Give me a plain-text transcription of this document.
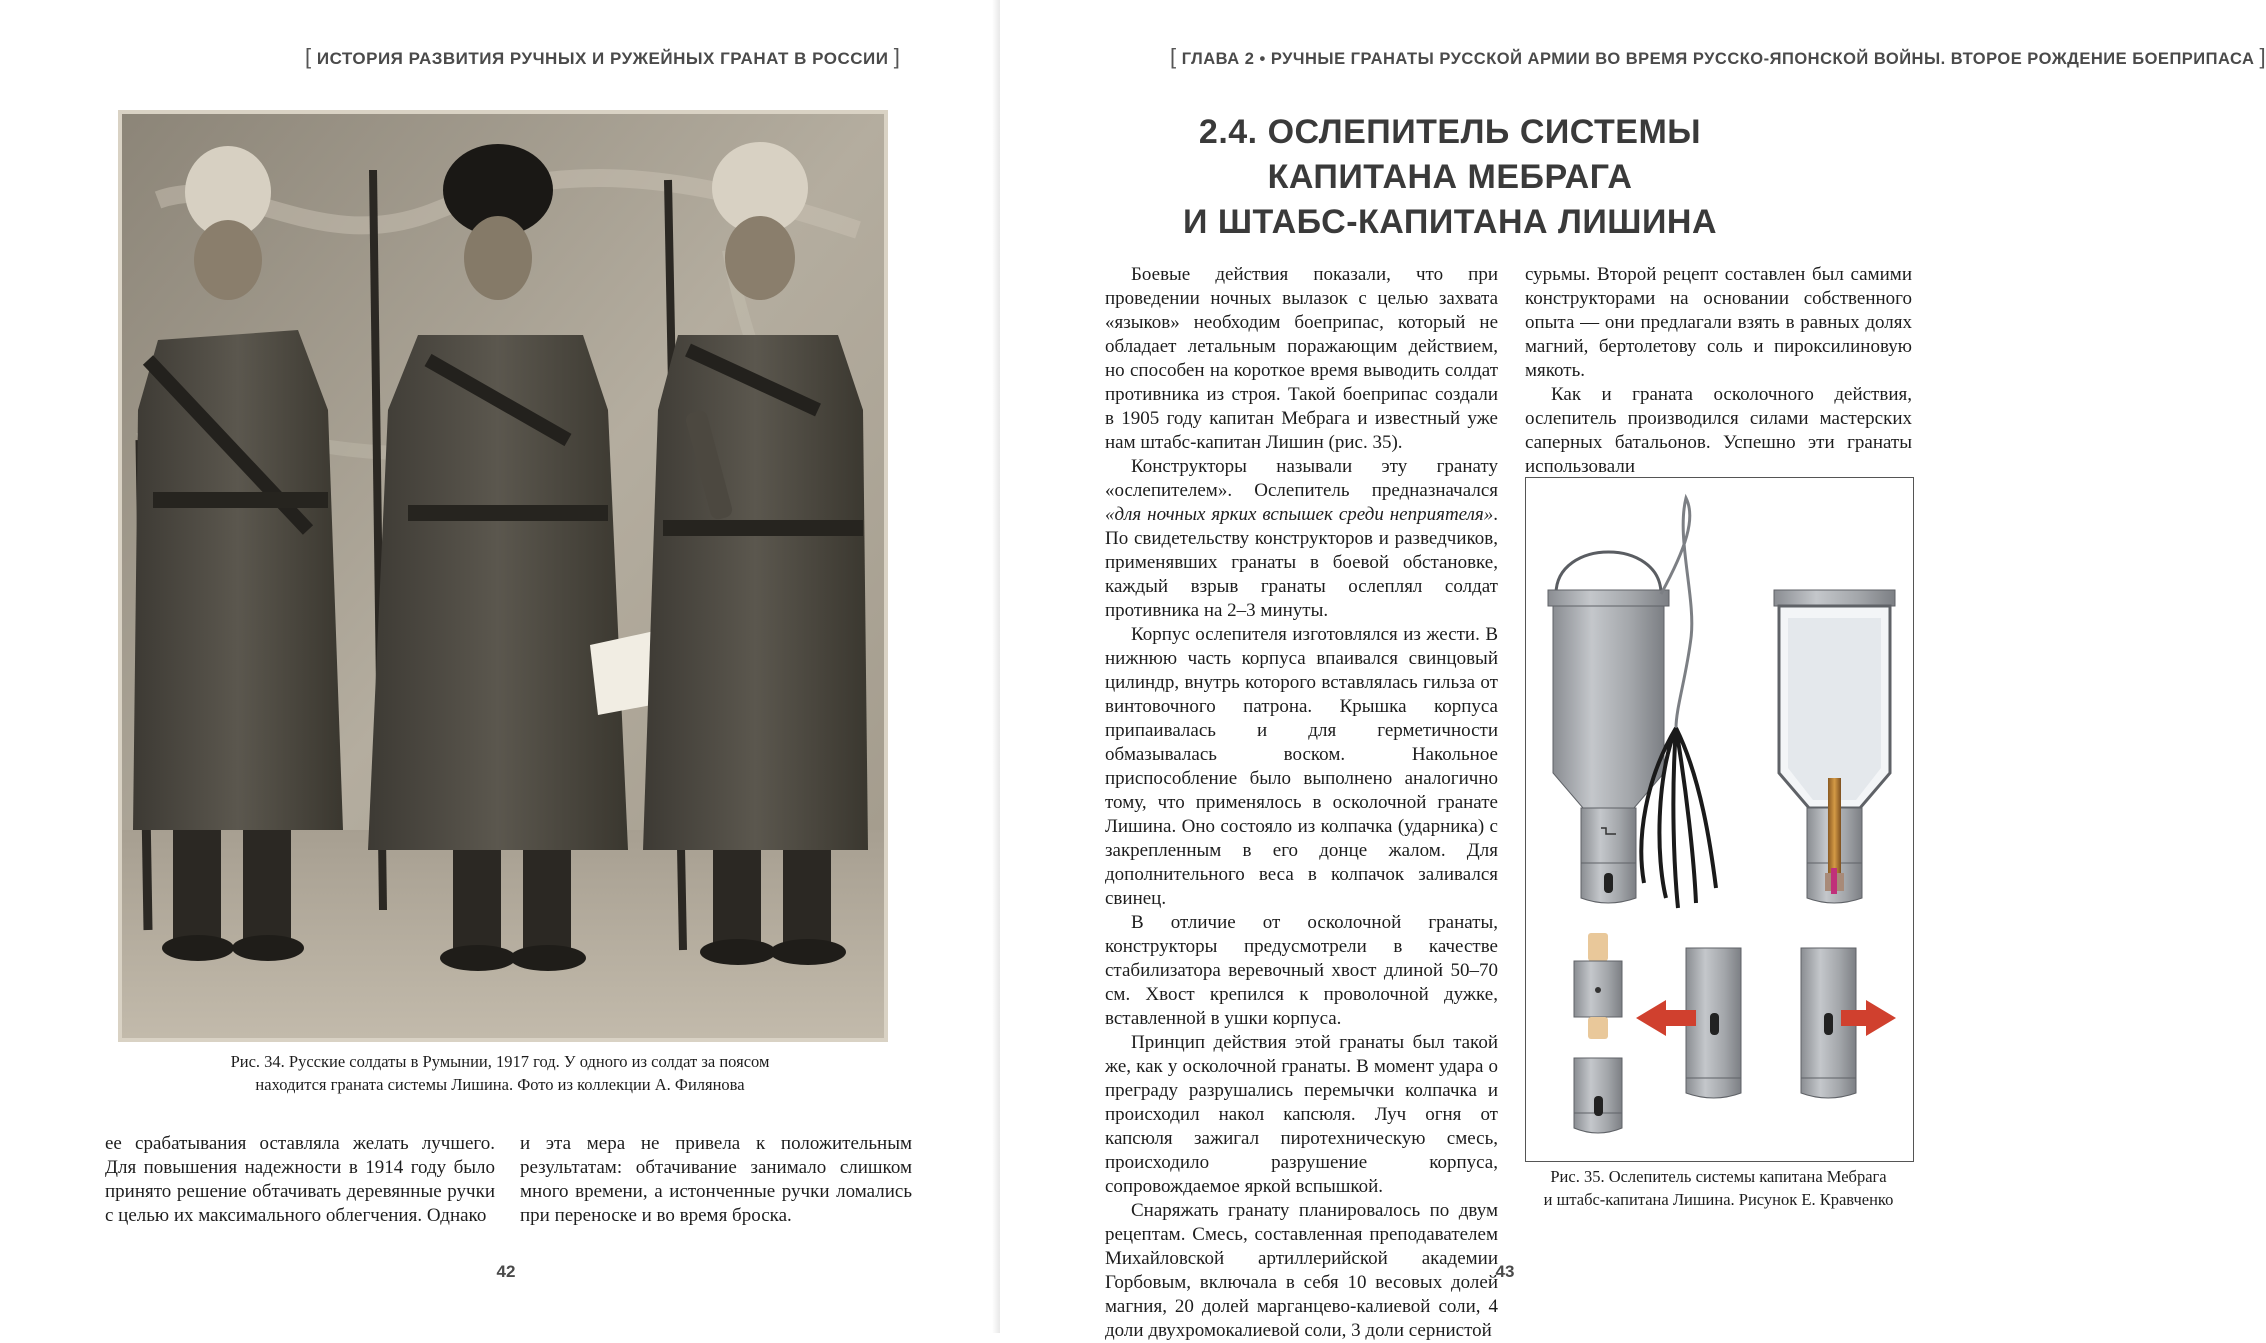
[ ИСТОРИЯ РАЗВИТИЯ РУЧНЫХ И РУЖЕЙНЫХ ГРАНАТ В РОССИИ ]
Рис. 34. Русские солдаты в Румынии, 1917 год. У одного из солдат за поясом
находится граната системы Лишина. Фото из коллекции А. Филянова

ее срабатывания оставляла желать лучшего. Для повышения надежности в 1914 году было принято решение обтачивать деревянные ручки с целью их максимального облегчения. Однако

и эта мера не привела к положительным результатам: обтачивание занимало слишком много времени, а истонченные ручки ломались при переноске и во время броска.

42
[ ГЛАВА 2 • РУЧНЫЕ ГРАНАТЫ РУССКОЙ АРМИИ ВО ВРЕМЯ РУССКО-ЯПОНСКОЙ ВОЙНЫ. ВТОРОЕ РОЖДЕНИЕ БОЕПРИПАСА ]
43
2.4. ОСЛЕПИТЕЛЬ СИСТЕМЫ КАПИТАНА МЕБРАГА
И ШТАБС-КАПИТАНА ЛИШИНА

Боевые действия показали, что при проведении ночных вылазок с целью захвата «языков» необходим боеприпас, который не обладает летальным поражающим действием, но способен на короткое время выводить солдат противника из строя. Такой боеприпас создали в 1905 году капитан Мебрага и известный уже нам штабс-капитан Лишин (рис. 35).

Конструкторы называли эту гранату «ослепителем». Ослепитель предназначался «для ночных ярких вспышек среди неприятеля». По свидетельству конструкторов и разведчиков, применявших гранаты в боевой обстановке, каждый взрыв гранаты ослеплял солдат противника на 2–3 минуты.

Корпус ослепителя изготовлялся из жести. В нижнюю часть корпуса впаивался свинцовый цилиндр, внутрь которого вставлялась гильза от винтовочного патрона. Крышка корпуса припаивалась и для герметичности обмазывалась воском. Накольное приспособление было выполнено аналогично тому, что применялось в осколочной гранате Лишина. Оно состояло из колпачка (ударника) с закрепленным в его донце жалом. Для дополнительного веса в колпачок заливался свинец.

В отличие от осколочной гранаты, конструкторы предусмотрели в качестве стабилизатора веревочный хвост длиной 50–70 см. Хвост крепился к проволочной дужке, вставленной в ушки корпуса.

Принцип действия этой гранаты был такой же, как у осколочной гранаты. В момент удара о преграду разрушались перемычки колпачка и происходил накол капсюля. Луч огня от капсюля зажигал пиротехническую смесь, происходило разрушение корпуса, сопровождаемое яркой вспышкой.

Снаряжать гранату планировалось по двум рецептам. Смесь, составленная преподавателем Михайловской артиллерийской академии Горбовым, включала в себя 10 весовых долей магния, 20 долей марганцево-калиевой соли, 4 доли двухромокалиевой соли, 3 доли сернистой

сурьмы. Второй рецепт составлен был самими конструкторами на основании собственного опыта — они предлагали взять в равных долях магний, бертолетову соль и пироксилиновую мякоть.

Как и граната осколочного действия, ослепитель производился силами мастерских саперных батальонов. Успешно эти гранаты использовали

Рис. 35. Ослепитель системы капитана Мебрага
и штабс-капитана Лишина. Рисунок Е. Кравченко
